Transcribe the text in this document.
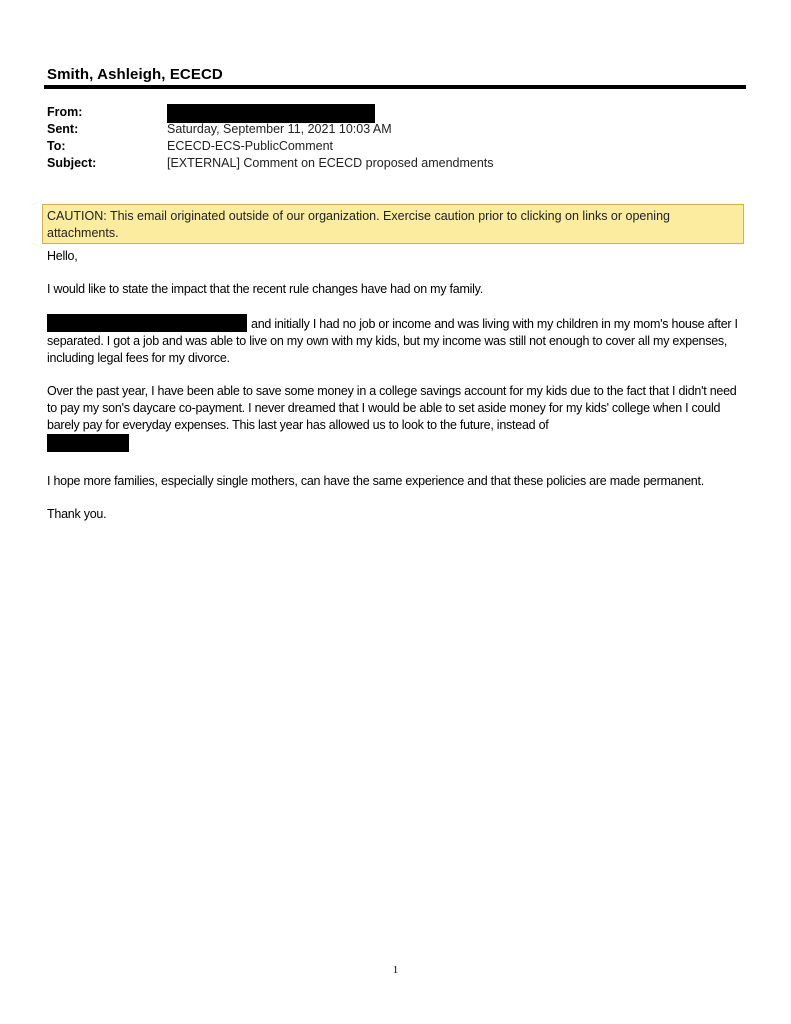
Smith, Ashleigh, ECECD
From:
Sent:	Saturday, September 11, 2021 10:03 AM
To:	ECECD-ECS-PublicComment
Subject:	[EXTERNAL] Comment on ECECD proposed amendments
CAUTION: This email originated outside of our organization. Exercise caution prior to clicking on links or opening attachments.

Hello,

I would like to state the impact that the recent rule changes have had on my family.

and initially I had no job or income and was living with my children in my mom's house after I separated. I got a job and was able to live on my own with my kids, but my income was still not enough to cover all my expenses, including legal fees for my divorce.

Over the past year, I have been able to save some money in a college savings account for my kids due to the fact that I didn't need to pay my son's daycare co-payment. I never dreamed that I would be able to set aside money for my kids' college when I could barely pay for everyday expenses. This last year has allowed us to look to the future, instead of

I hope more families, especially single mothers, can have the same experience and that these policies are made permanent.

Thank you.

1
